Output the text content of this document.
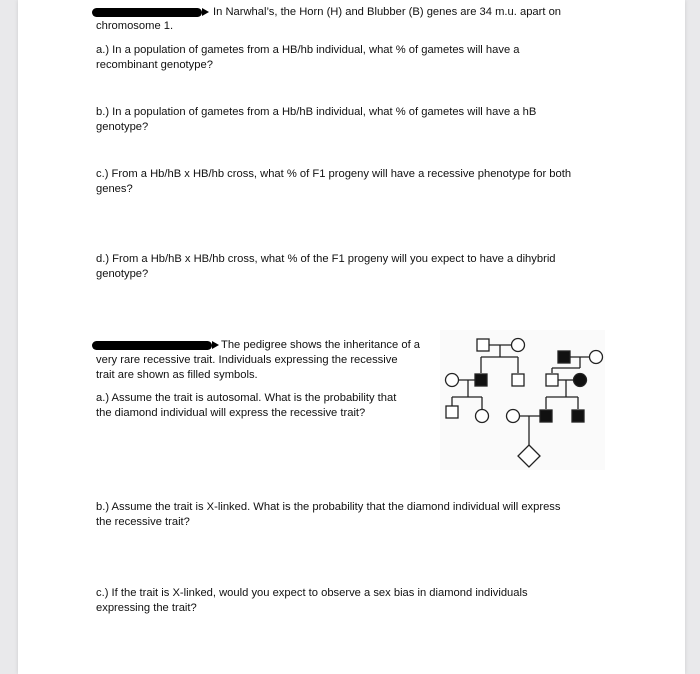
In Narwhal’s, the Horn (H) and Blubber (B) genes are 34 m.u. apart on

chromosome 1.

a.) In a population of gametes from a HB/hb individual, what % of gametes will have a

recombinant genotype?

b.) In a population of gametes from a Hb/hB individual, what % of gametes will have a hB

genotype?

c.) From a Hb/hB x HB/hb cross, what % of F1 progeny will have a recessive phenotype for both

genes?

d.) From a Hb/hB x HB/hb cross, what % of the F1 progeny will you expect to have a dihybrid

genotype?

The pedigree shows the inheritance of a

very rare recessive trait. Individuals expressing the recessive

trait are shown as filled symbols.

a.) Assume the trait is autosomal. What is the probability that

the diamond individual will express the recessive trait?

b.) Assume the trait is X-linked. What is the probability that the diamond individual will express

the recessive trait?

c.) If the trait is X-linked, would you expect to observe a sex bias in diamond individuals

expressing the trait?
